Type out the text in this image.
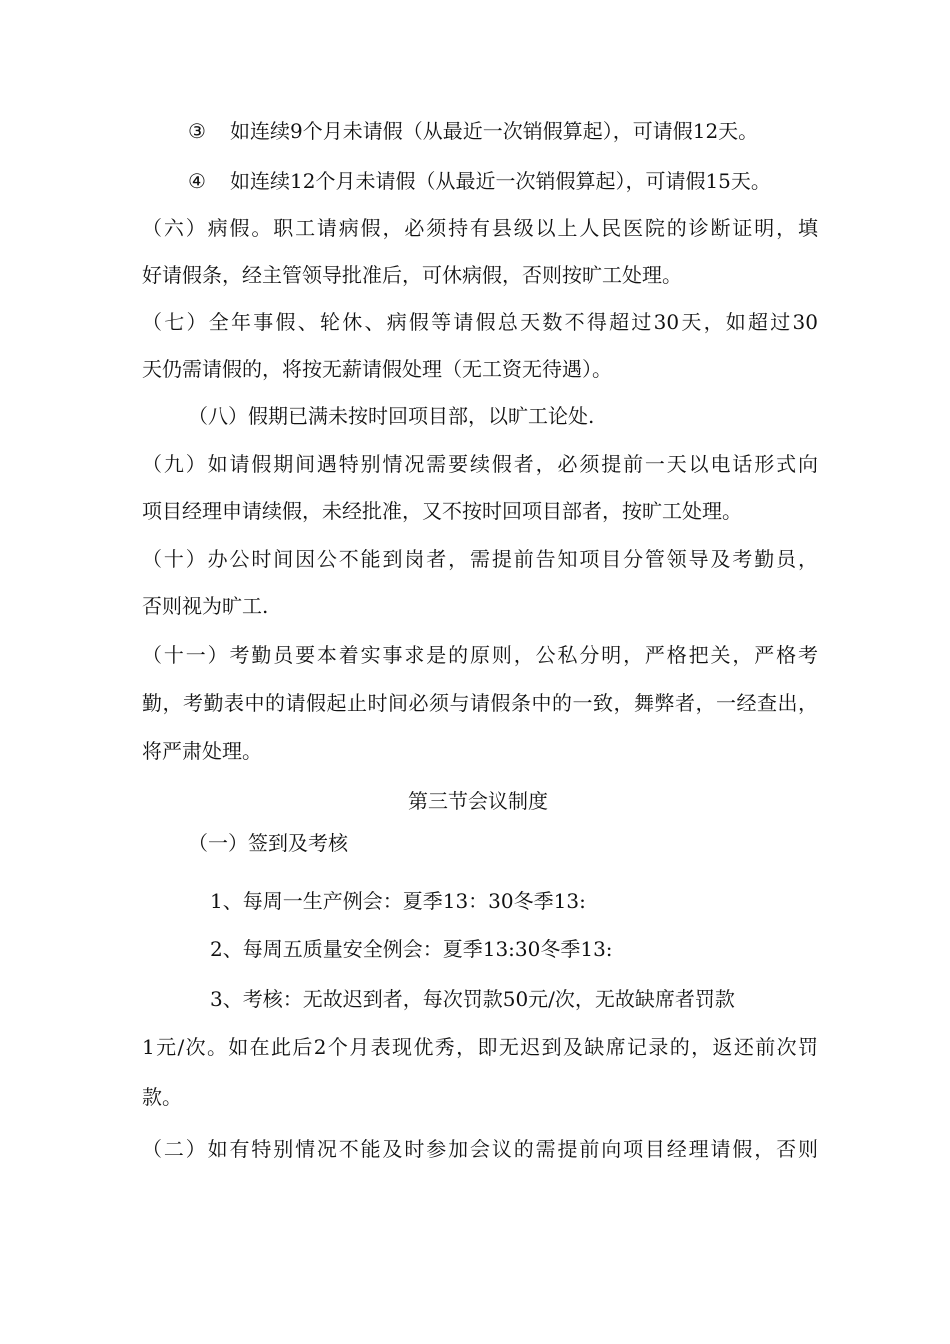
③ 如连续9个月未请假（从最近一次销假算起），可请假12天。
④ 如连续12个月未请假（从最近一次销假算起），可请假15天。
（六）病假。职工请病假，必须持有县级以上人民医院的诊断证明，填
好请假条，经主管领导批准后，可休病假，否则按旷工处理。
（七）全年事假、轮休、病假等请假总天数不得超过30天，如超过30
天仍需请假的，将按无薪请假处理（无工资无待遇）。
（八）假期已满未按时回项目部，以旷工论处.
（九）如请假期间遇特别情况需要续假者，必须提前一天以电话形式向
项目经理申请续假，未经批准，又不按时回项目部者，按旷工处理。
（十）办公时间因公不能到岗者，需提前告知项目分管领导及考勤员，
否则视为旷工.
（十一）考勤员要本着实事求是的原则，公私分明，严格把关，严格考
勤，考勤表中的请假起止时间必须与请假条中的一致，舞弊者，一经查出，
将严肃处理。
第三节会议制度
（一）签到及考核
1、每周一生产例会：夏季13：30冬季13:
2、每周五质量安全例会：夏季13:30冬季13:
3、考核：无故迟到者，每次罚款50元/次，无故缺席者罚款
1元/次。如在此后2个月表现优秀，即无迟到及缺席记录的，返还前次罚
款。
（二）如有特别情况不能及时参加会议的需提前向项目经理请假，否则
